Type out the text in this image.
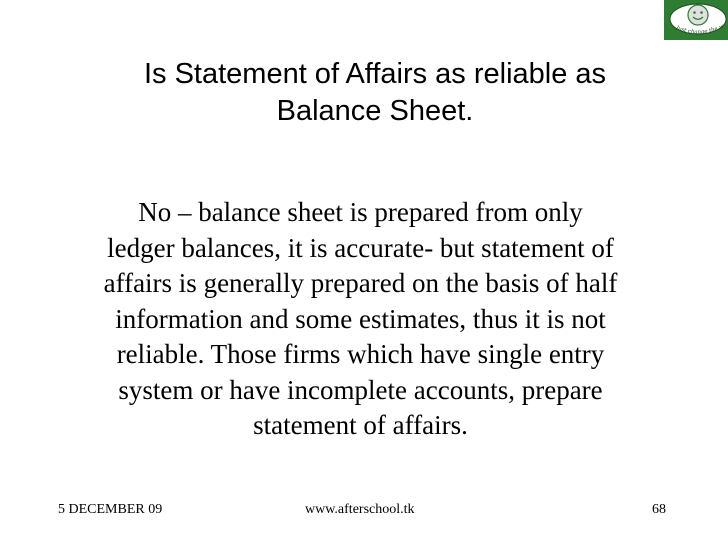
Just change the w
Is Statement of Affairs as reliable as
Balance Sheet.
No – balance sheet is prepared from only
ledger balances, it is accurate- but statement of
affairs is generally prepared on the basis of half
information and some estimates, thus it is not
reliable. Those firms which have single entry
system or have incomplete accounts, prepare
statement of affairs.
5 DECEMBER 09	www.afterschool.tk	68
